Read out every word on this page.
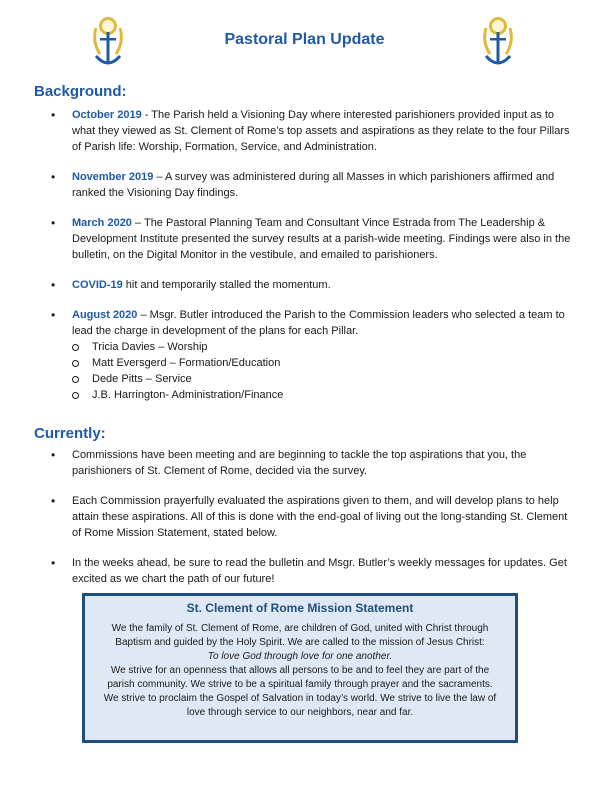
Pastoral Plan Update
Background:
• October 2019 - The Parish held a Visioning Day where interested parishioners provided input as to what they viewed as St. Clement of Rome’s top assets and aspirations as they relate to the four Pillars of Parish life: Worship, Formation, Service, and Administration.
• November 2019 – A survey was administered during all Masses in which parishioners affirmed and ranked the Visioning Day findings.
• March 2020 – The Pastoral Planning Team and Consultant Vince Estrada from The Leadership & Development Institute presented the survey results at a parish-wide meeting. Findings were also in the bulletin, on the Digital Monitor in the vestibule, and emailed to parishioners.
• COVID-19 hit and temporarily stalled the momentum.
• August 2020 – Msgr. Butler introduced the Parish to the Commission leaders who selected a team to lead the charge in development of the plans for each Pillar.
Tricia Davies – Worship
Matt Eversgerd – Formation/Education
Dede Pitts – Service
J.B. Harrington- Administration/Finance
Currently:
• Commissions have been meeting and are beginning to tackle the top aspirations that you, the parishioners of St. Clement of Rome, decided via the survey.
• Each Commission prayerfully evaluated the aspirations given to them, and will develop plans to help attain these aspirations. All of this is done with the end-goal of living out the long-standing St. Clement of Rome Mission Statement, stated below.
• In the weeks ahead, be sure to read the bulletin and Msgr. Butler’s weekly messages for updates. Get excited as we chart the path of our future!
St. Clement of Rome Mission Statement

We the family of St. Clement of Rome, are children of God, united with Christ through Baptism and guided by the Holy Spirit. We are called to the mission of Jesus Christ:

To love God through love for one another.

We strive for an openness that allows all persons to be and to feel they are part of the parish community. We strive to be a spiritual family through prayer and the sacraments. We strive to proclaim the Gospel of Salvation in today’s world. We strive to live the law of love through service to our neighbors, near and far.
